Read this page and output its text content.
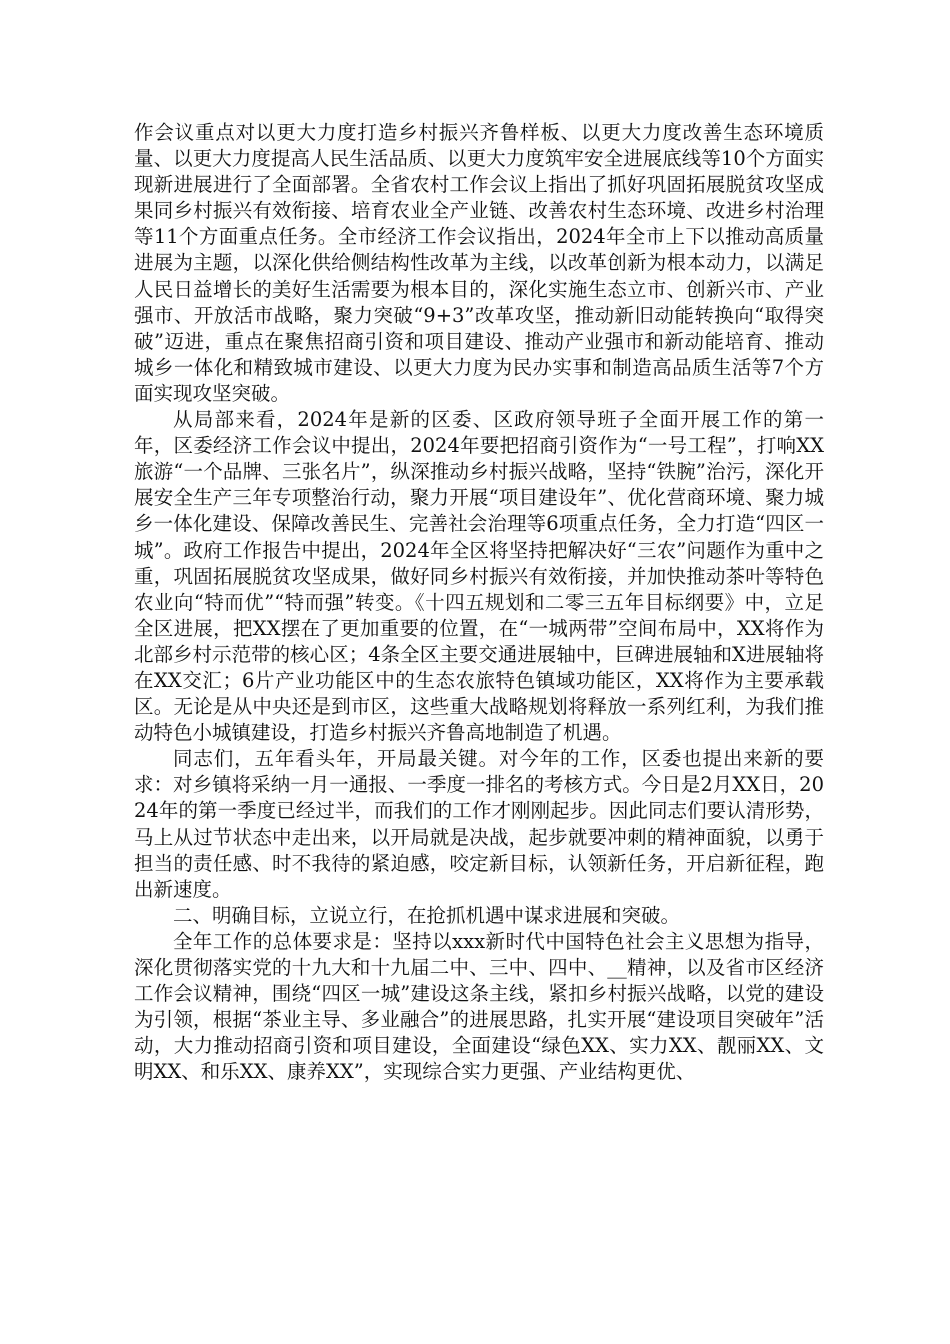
作会议重点对以更大力度打造乡村振兴齐鲁样板、以更大力度改善生态环境质量、以更大力度提高人民生活品质、以更大力度筑牢安全进展底线等10个方面实现新进展进行了全面部署。全省农村工作会议上指出了抓好巩固拓展脱贫攻坚成果同乡村振兴有效衔接、培育农业全产业链、改善农村生态环境、改进乡村治理等11个方面重点任务。全市经济工作会议指出，2024年全市上下以推动高质量进展为主题，以深化供给侧结构性改革为主线，以改革创新为根本动力，以满足人民日益增长的美好生活需要为根本目的，深化实施生态立市、创新兴市、产业强市、开放活市战略，聚力突破“9+3”改革攻坚，推动新旧动能转换向“取得突破”迈进，重点在聚焦招商引资和项目建设、推动产业强市和新动能培育、推动城乡一体化和精致城市建设、以更大力度为民办实事和制造高品质生活等7个方面实现攻坚突破。

从局部来看，2024年是新的区委、区政府领导班子全面开展工作的第一年，区委经济工作会议中提出，2024年要把招商引资作为“一号工程”，打响XX旅游“一个品牌、三张名片”，纵深推动乡村振兴战略，坚持“铁腕”治污，深化开展安全生产三年专项整治行动，聚力开展“项目建设年”、优化营商环境、聚力城乡一体化建设、保障改善民生、完善社会治理等6项重点任务，全力打造“四区一城”。政府工作报告中提出，2024年全区将坚持把解决好“三农”问题作为重中之重，巩固拓展脱贫攻坚成果，做好同乡村振兴有效衔接，并加快推动茶叶等特色农业向“特而优”“特而强”转变。《十四五规划和二零三五年目标纲要》中，立足全区进展，把XX摆在了更加重要的位置，在“一城两带”空间布局中，XX将作为北部乡村示范带的核心区；4条全区主要交通进展轴中，巨碑进展轴和X进展轴将在XX交汇；6片产业功能区中的生态农旅特色镇域功能区，XX将作为主要承载区。无论是从中央还是到市区，这些重大战略规划将释放一系列红利，为我们推动特色小城镇建设，打造乡村振兴齐鲁高地制造了机遇。

同志们，五年看头年，开局最关键。对今年的工作，区委也提出来新的要求：对乡镇将采纳一月一通报、一季度一排名的考核方式。今日是2月XX日，2024年的第一季度已经过半，而我们的工作才刚刚起步。因此同志们要认清形势，马上从过节状态中走出来，以开局就是决战，起步就要冲刺的精神面貌，以勇于担当的责任感、时不我待的紧迫感，咬定新目标，认领新任务，开启新征程，跑出新速度。

二、明确目标，立说立行，在抢抓机遇中谋求进展和突破。

全年工作的总体要求是：坚持以xxx新时代中国特色社会主义思想为指导，深化贯彻落实党的十九大和十九届二中、三中、四中、__精神，以及省市区经济工作会议精神，围绕“四区一城”建设这条主线，紧扣乡村振兴战略，以党的建设为引领，根据“茶业主导、多业融合”的进展思路，扎实开展“建设项目突破年”活动，大力推动招商引资和项目建设，全面建设“绿色XX、实力XX、靓丽XX、文明XX、和乐XX、康养XX”，实现综合实力更强、产业结构更优、
